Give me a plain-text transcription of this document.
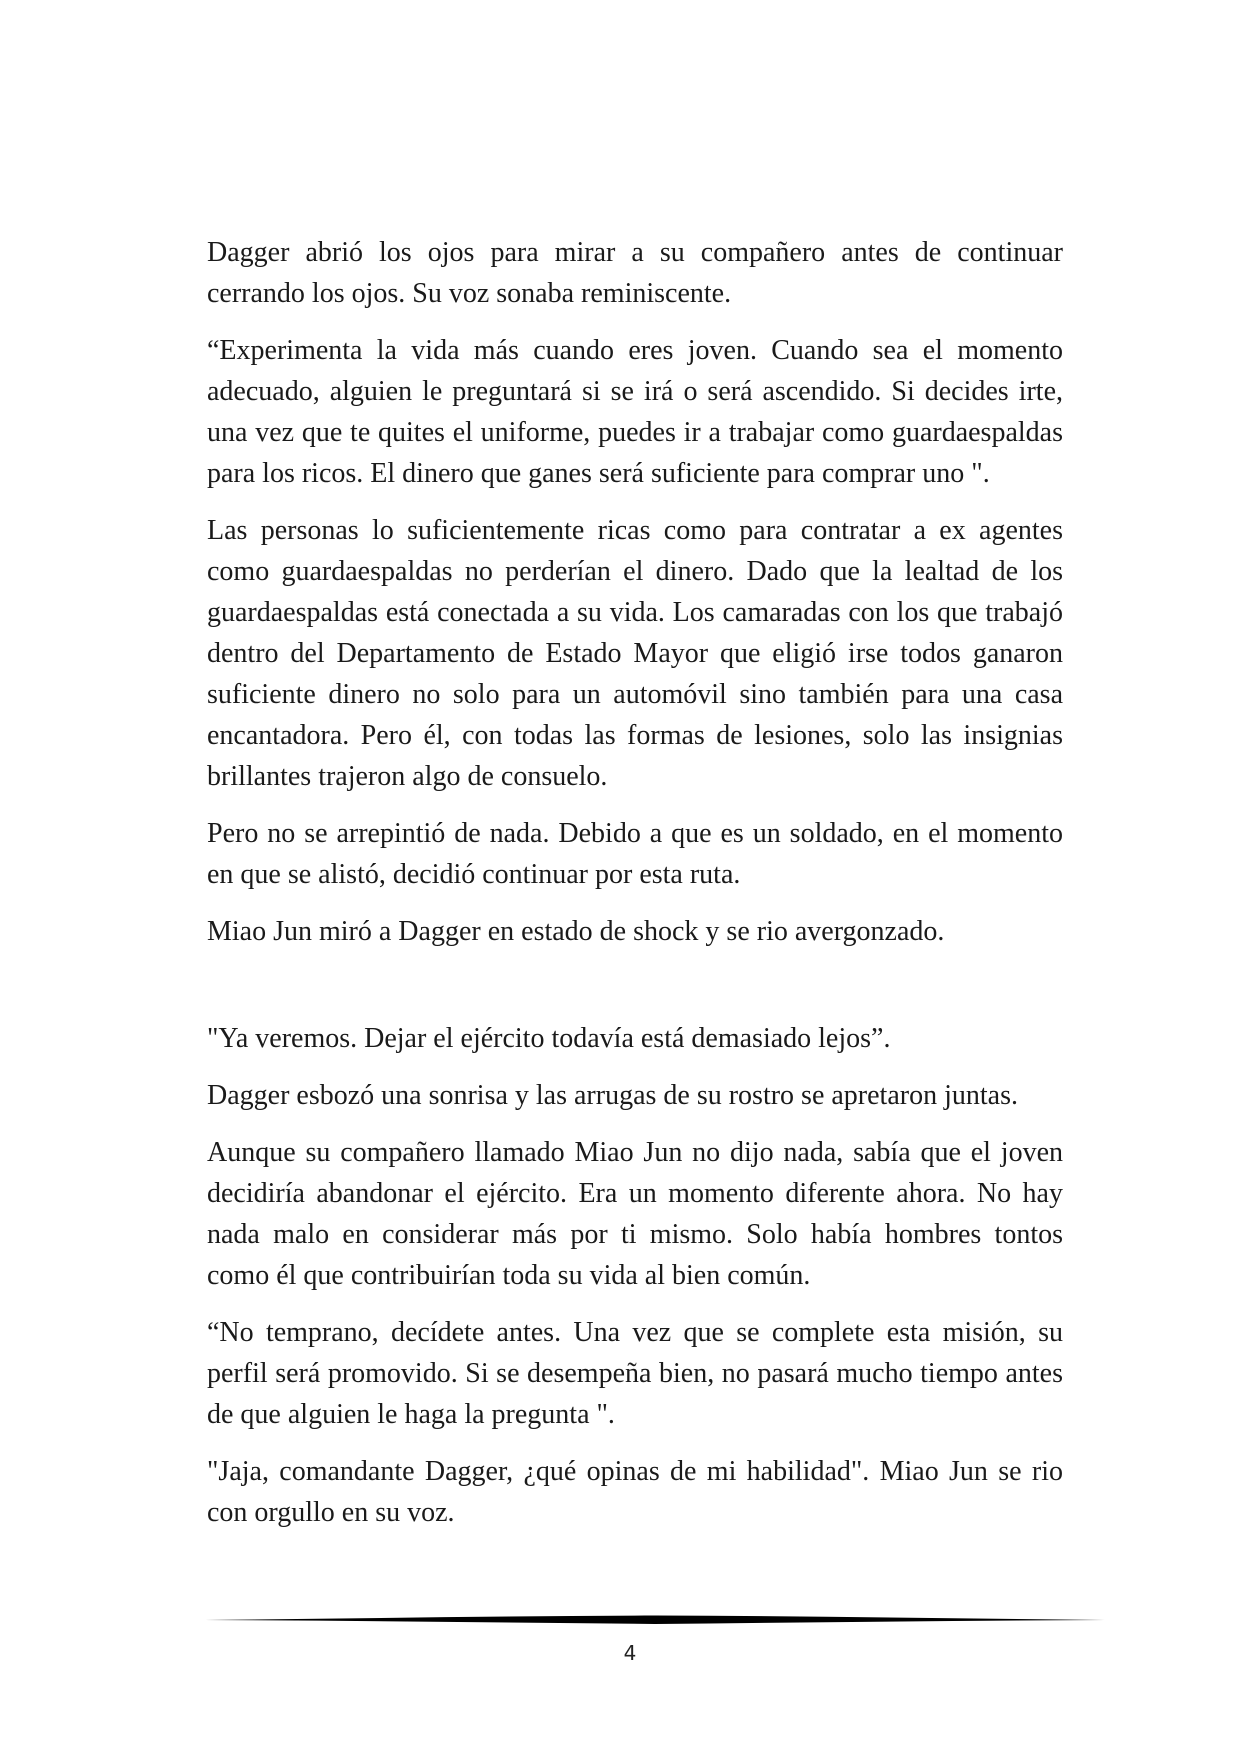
Dagger abrió los ojos para mirar a su compañero antes de continuar cerrando los ojos. Su voz sonaba reminiscente.

“Experimenta la vida más cuando eres joven. Cuando sea el momento adecuado, alguien le preguntará si se irá o será ascendido. Si decides irte, una vez que te quites el uniforme, puedes ir a trabajar como guardaespaldas para los ricos. El dinero que ganes será suficiente para comprar uno ".

Las personas lo suficientemente ricas como para contratar a ex agentes como guardaespaldas no perderían el dinero. Dado que la lealtad de los guardaespaldas está conectada a su vida. Los camaradas con los que trabajó dentro del Departamento de Estado Mayor que eligió irse todos ganaron suficiente dinero no solo para un automóvil sino también para una casa encantadora. Pero él, con todas las formas de lesiones, solo las insignias brillantes trajeron algo de consuelo.

Pero no se arrepintió de nada. Debido a que es un soldado, en el momento en que se alistó, decidió continuar por esta ruta.

Miao Jun miró a Dagger en estado de shock y se rio avergonzado.

"Ya veremos. Dejar el ejército todavía está demasiado lejos”.

Dagger esbozó una sonrisa y las arrugas de su rostro se apretaron juntas.

Aunque su compañero llamado Miao Jun no dijo nada, sabía que el joven decidiría abandonar el ejército. Era un momento diferente ahora. No hay nada malo en considerar más por ti mismo. Solo había hombres tontos como él que contribuirían toda su vida al bien común.

“No temprano, decídete antes. Una vez que se complete esta misión, su perfil será promovido. Si se desempeña bien, no pasará mucho tiempo antes de que alguien le haga la pregunta ".

"Jaja, comandante Dagger, ¿qué opinas de mi habilidad". Miao Jun se rio con orgullo en su voz.

4
